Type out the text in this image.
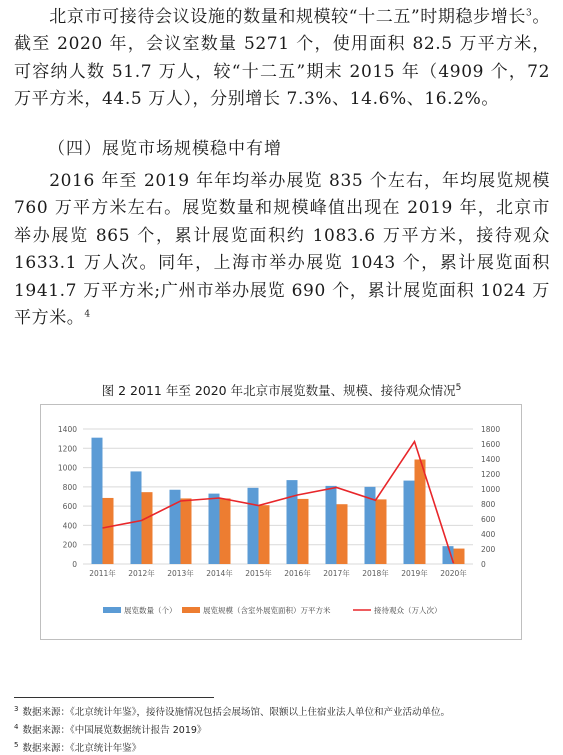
  北京市可接待会议设施的数量和规模较“十二五”时期稳步增长$^3$。截至 2020 年，会议室数量 5271 个，使用面积 82.5 万平方米，可容纳人数 51.7 万人，较“十二五”期末 2015 年（4909 个，72 万平方米，44.5 万人），分别增长 7.3%、14.6%、16.2%。

（四）展览市场规模稳中有增

  2016 年至 2019 年年均举办展览 835 个左右，年均展览规模 760 万平方米左右。展览数量和规模峰值出现在 2019 年，北京市举办展览 865 个，累计展览面积约 1083.6 万平方米，接待观众 1633.1 万人次。同年，上海市举办展览 1043 个，累计展览面积 1941.7 万平方米;广州市举办展览 690 个，累计展览面积 1024 万平方米。$^4$

图 2 2011 年至 2020 年北京市展览数量、规模、接待观众情况$^5$
0
200
400
600
800
1000
1200
1400
0
200
400
600
800
1000
1200
1400
1600
1800
2011年 2012年 2013年 2014年 2015年 2016年 2017年 2018年 2019年 2020年
展览数量（个）	展览规模（含室外展览面积）万平方米	接待观众（万人次）
$^3$ 数据来源：《北京统计年鉴》，接待设施情况包括会展场馆、限额以上住宿业法人单位和产业活动单位。
$^4$ 数据来源：《中国展览数据统计报告 2019》
$^5$ 数据来源：《北京统计年鉴》
